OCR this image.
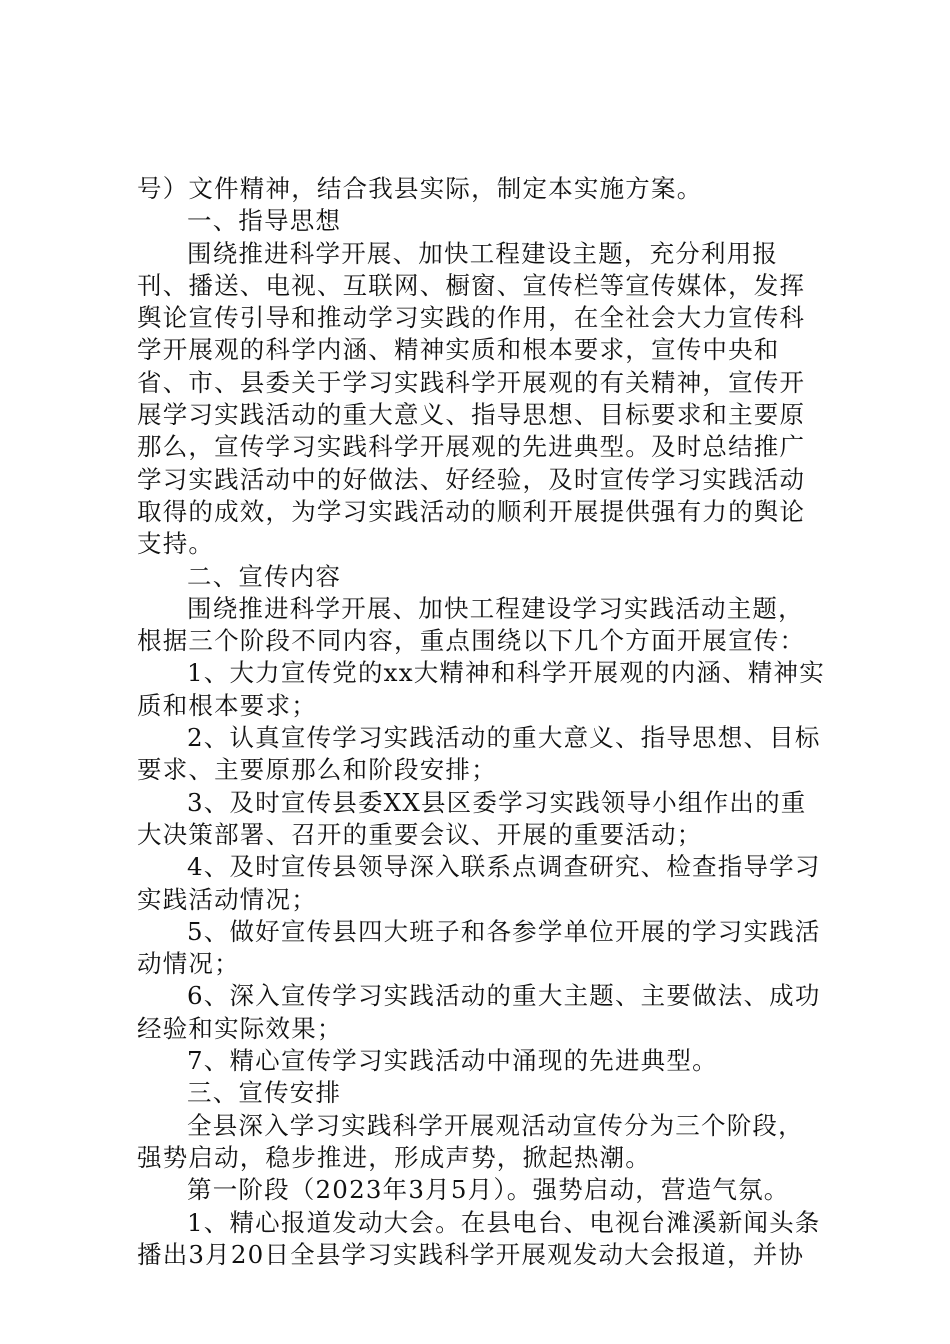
号）文件精神，结合我县实际，制定本实施方案。

一、指导思想

围绕推进科学开展、加快工程建设主题，充分利用报刊、播送、电视、互联网、橱窗、宣传栏等宣传媒体，发挥舆论宣传引导和推动学习实践的作用，在全社会大力宣传科学开展观的科学内涵、精神实质和根本要求，宣传中央和省、市、县委关于学习实践科学开展观的有关精神，宣传开展学习实践活动的重大意义、指导思想、目标要求和主要原那么，宣传学习实践科学开展观的先进典型。及时总结推广学习实践活动中的好做法、好经验，及时宣传学习实践活动取得的成效，为学习实践活动的顺利开展提供强有力的舆论支持。

二、宣传内容

围绕推进科学开展、加快工程建设学习实践活动主题，根据三个阶段不同内容，重点围绕以下几个方面开展宣传：

1、大力宣传党的xx大精神和科学开展观的内涵、精神实质和根本要求；

2、认真宣传学习实践活动的重大意义、指导思想、目标要求、主要原那么和阶段安排；

3、及时宣传县委XX县区委学习实践领导小组作出的重大决策部署、召开的重要会议、开展的重要活动；

4、及时宣传县领导深入联系点调查研究、检查指导学习实践活动情况；

5、做好宣传县四大班子和各参学单位开展的学习实践活动情况；

6、深入宣传学习实践活动的重大主题、主要做法、成功经验和实际效果；

7、精心宣传学习实践活动中涌现的先进典型。

三、宣传安排

全县深入学习实践科学开展观活动宣传分为三个阶段，强势启动，稳步推进，形成声势，掀起热潮。

第一阶段（2023年3月5月）。强势启动，营造气氛。

1、精心报道发动大会。在县电台、电视台滩溪新闻头条播出3月20日全县学习实践科学开展观发动大会报道，并协
